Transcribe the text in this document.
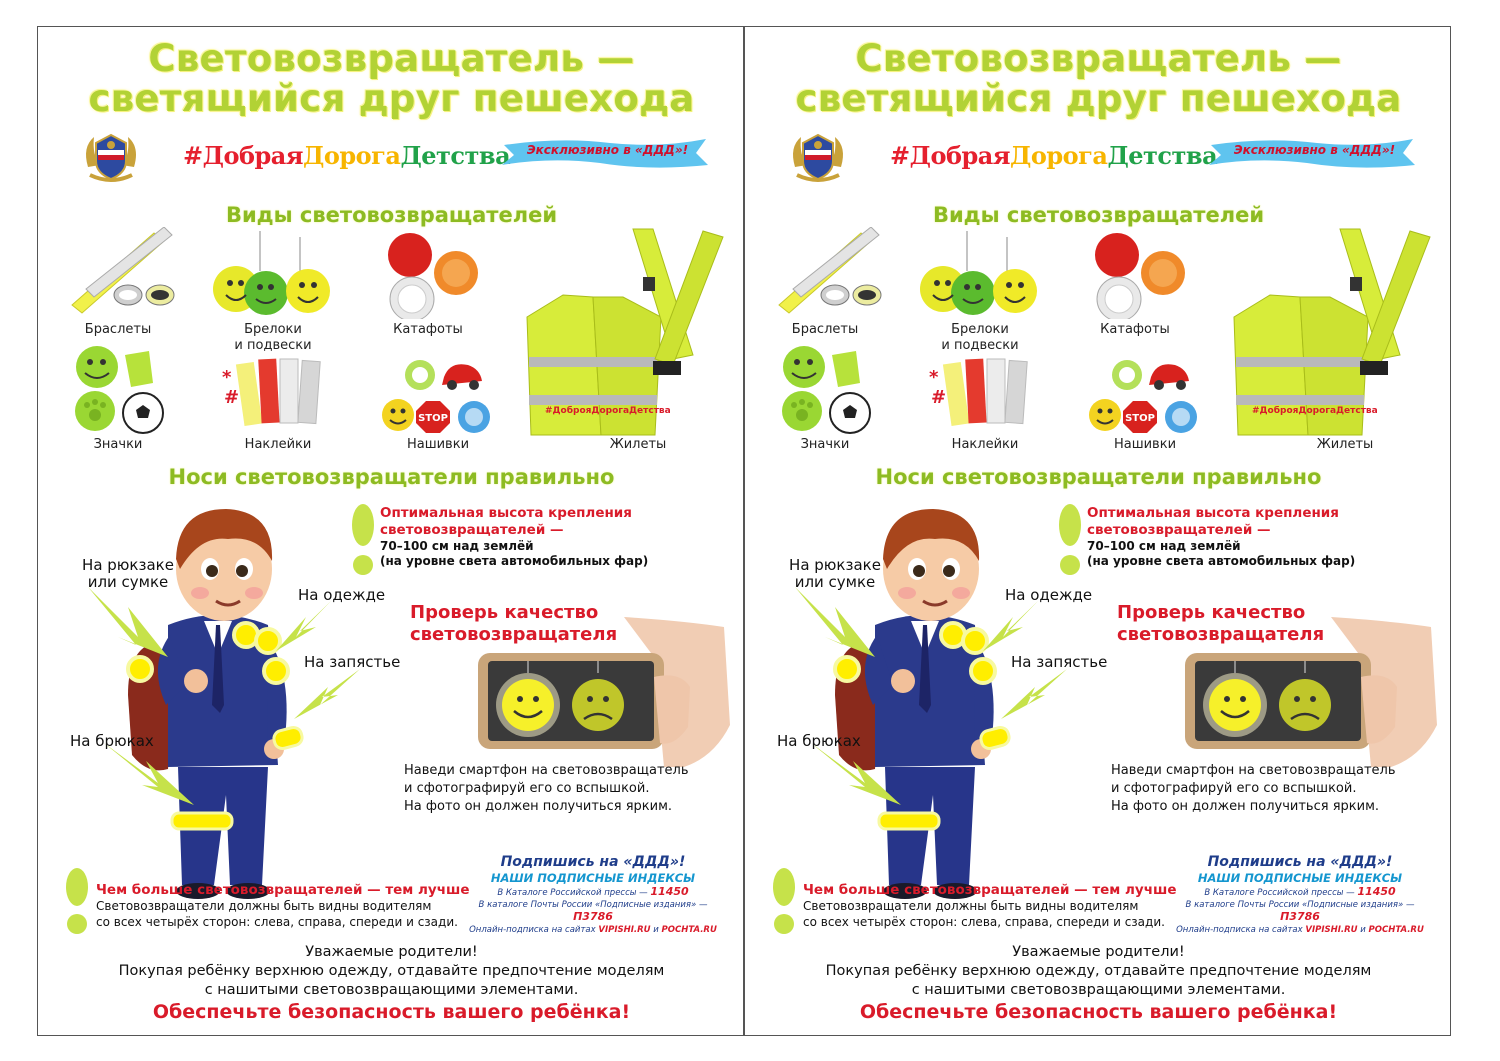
Световозвращатель —
светящийся друг пешехода
#ДобраяДорогаДетства	Эксклюзивно в «ДДД»!
Виды световозвращателей
Браслеты	Брелоки
и подвески
Катафоты
Значки
*
#
Наклейки
STOP
Нашивки
#ДоброяДорогаДетства
Жилеты
Носи световозвращатели правильно
На рюкзаке
или сумке
На одежде
На запястье
На брюках
Оптимальная высота крепления
световозвращателей —
70–100 см над землёй
(на уровне света автомобильных фар)
Проверь качество
световозвращателя
Наведи смартфон на световозвращатель
и сфотографируй его со вспышкой.
На фото он должен получиться ярким.
Подпишись на «ДДД»!
НАШИ ПОДПИСНЫЕ ИНДЕКСЫ
В Каталоге Российской прессы — 11450
В каталоге Почты России «Подписные издания» — П3786
Онлайн-подписка на сайтах VIPISHI.RU и POCHTA.RU
Чем больше световозвращателей — тем лучше
Световозвращатели должны быть видны водителям
со всех четырёх сторон: слева, справа, спереди и сзади.
Уважаемые родители!
Покупая ребёнку верхнюю одежду, отдавайте предпочтение моделям
с нашитыми световозвращающими элементами.
Обеспечьте безопасность вашего ребёнка!
Световозвращатель —
светящийся друг пешехода
#ДобраяДорогаДетства	Эксклюзивно в «ДДД»!
Виды световозвращателей
Браслеты	Брелоки
и подвески
Катафоты
Значки
*
#
Наклейки
STOP
Нашивки
#ДоброяДорогаДетства
Жилеты
Носи световозвращатели правильно
На рюкзаке
или сумке
На одежде
На запястье
На брюках
Оптимальная высота крепления
световозвращателей —
70–100 см над землёй
(на уровне света автомобильных фар)
Проверь качество
световозвращателя
Наведи смартфон на световозвращатель
и сфотографируй его со вспышкой.
На фото он должен получиться ярким.
Подпишись на «ДДД»!
НАШИ ПОДПИСНЫЕ ИНДЕКСЫ
В Каталоге Российской прессы — 11450
В каталоге Почты России «Подписные издания» — П3786
Онлайн-подписка на сайтах VIPISHI.RU и POCHTA.RU
Чем больше световозвращателей — тем лучше
Световозвращатели должны быть видны водителям
со всех четырёх сторон: слева, справа, спереди и сзади.
Уважаемые родители!
Покупая ребёнку верхнюю одежду, отдавайте предпочтение моделям
с нашитыми световозвращающими элементами.
Обеспечьте безопасность вашего ребёнка!
